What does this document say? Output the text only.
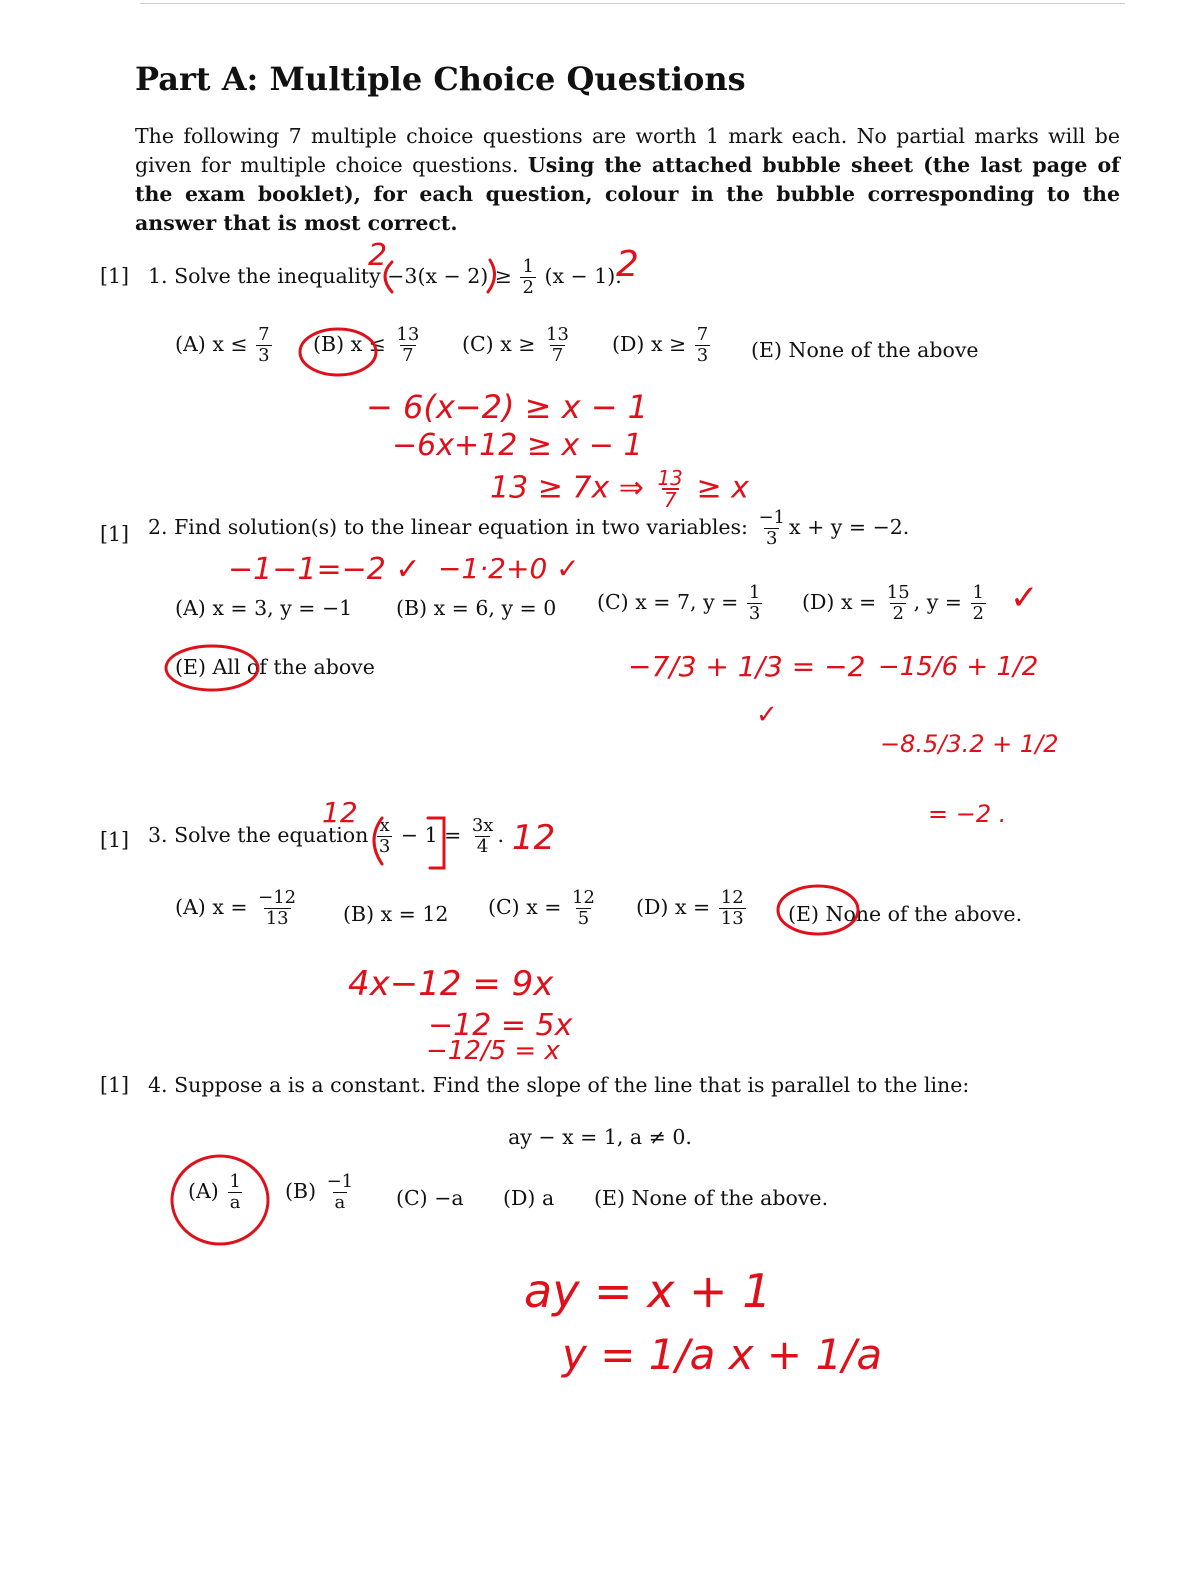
Part A: Multiple Choice Questions
The following 7 multiple choice questions are worth 1 mark each. No partial marks will be given for multiple choice questions. Using the attached bubble sheet (the last page of the exam booklet), for each question, colour in the bubble corresponding to the answer that is most correct.
[1] 1. Solve the inequality $-3(x - 2) \ge \frac{1}{2} (x - 1)$.
(A) $x \le \frac{7}{3} (B) x \le \frac{13}{7} (C) x \ge \frac{13}{7} (D) x \ge \frac{7}{3} (E)$ None of the above
[1] 2. Find solution(s) to the linear equation in two variables: $\frac{-1}{3}$ x + y = −2.
(A) x = 3, y = −1 (B) x = 6, y = 0 (C) x = 7, $y = \frac{1}{3} (D) x = \frac{15}{2}$ , $y = \frac{1}{2}$
(E) All of the above
[1] 3. Solve the equation $\frac{x}{3} - 1 = \frac{3x}{4}$ .
(A) $x = \frac{-12}{13} (B) x = 12$ (C) $x = \frac{12}{5} (D) x = \frac{12}{13} (E)$ None of the above.
[1] 4. Suppose a is a constant. Find the slope of the line that is parallel to the line:
ay − x = 1, a ≠ 0.
$(A) \frac{1}{a} (B) \frac{-1}{a} (C) -a$ (D) a (E) None of the above.
2	2
− 6(x−2) ≥ x − 1
−6x+12 ≥ x − 1
13 ≥ 7x ⇒ $\frac{13}{7} \ge x$
−1−1=−2 ✓ −1·2+0 ✓
−7/3 + 1/3 = −2
✓
✓
−15/6 + 1/2
−8.5/3.2 + 1/2
= −2 .
12
12
4x−12 = 9x
−12 = 5x
−12/5 = x
ay = x + 1
y = 1/a x + 1/a
